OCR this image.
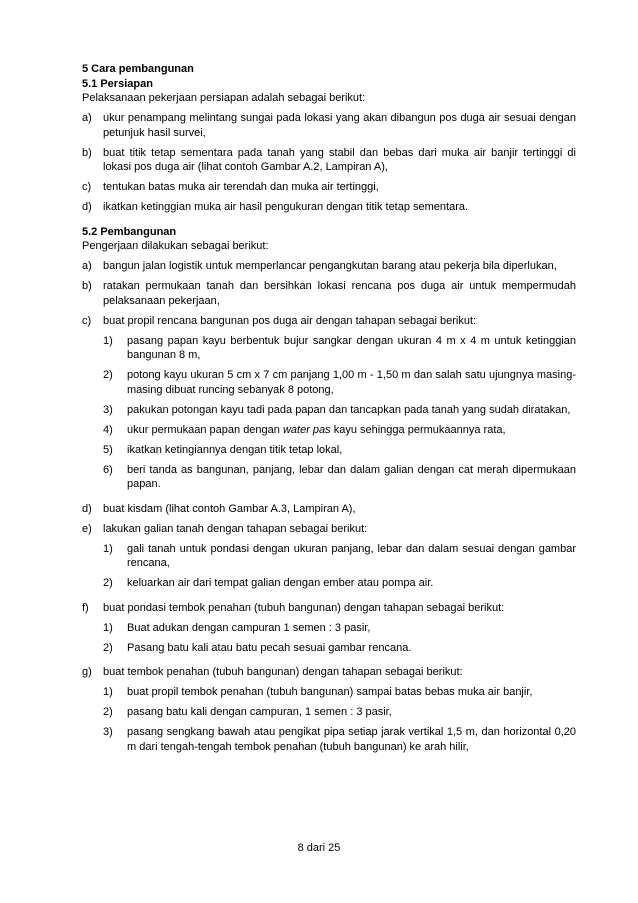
5 Cara pembangunan

5.1 Persiapan

Pelaksanaan pekerjaan persiapan adalah sebagai berikut:

a)	ukur penampang melintang sungai pada lokasi yang akan dibangun pos duga air sesuai dengan petunjuk hasil survei,
b)	buat titik tetap sementara pada tanah yang stabil dan bebas dari muka air banjir tertinggi di lokasi pos duga air (lihat contoh Gambar A.2, Lampiran A),
c)	tentukan batas muka air terendah dan muka air tertinggi,
d)	ikatkan ketinggian muka air hasil pengukuran dengan titik tetap sementara.

5.2 Pembangunan

Pengerjaan dilakukan sebagai berikut:

a)	bangun jalan logistik untuk memperlancar pengangkutan barang atau pekerja bila diperlukan,
b)	ratakan permukaan tanah dan bersihkan lokasi rencana pos duga air untuk mempermudah pelaksanaan pekerjaan,
c)	buat propil rencana bangunan pos duga air dengan tahapan sebagai berikut:
1)	pasang papan kayu berbentuk bujur sangkar dengan ukuran 4 m x 4 m untuk ketinggian bangunan 8 m,
2)	potong kayu ukuran 5 cm x 7 cm panjang 1,00 m - 1,50 m dan salah satu ujungnya masing-masing dibuat runcing sebanyak 8 potong,
3)	pakukan potongan kayu tadi pada papan dan tancapkan pada tanah yang sudah diratakan,
4)	ukur permukaan papan dengan water pas kayu sehingga permukaannya rata,
5)	ikatkan ketingiannya dengan titik tetap lokal,
6)	beri tanda as bangunan, panjang, lebar dan dalam galian dengan cat merah dipermukaan papan.
d)	buat kisdam (lihat contoh Gambar A.3, Lampiran A),
e)	lakukan galian tanah dengan tahapan sebagai berikut:
1)	gali tanah untuk pondasi dengan ukuran panjang, lebar dan dalam sesuai dengan gambar rencana,
2)	keluarkan air dari tempat galian dengan ember atau pompa air.
f)	buat pondasi tembok penahan (tubuh bangunan) dengan tahapan sebagai berikut:
1)	Buat adukan dengan campuran 1 semen : 3 pasir,
2)	Pasang batu kali atau batu pecah sesuai gambar rencana.
g)	buat tembok penahan (tubuh bangunan) dengan tahapan sebagai berikut:
1)	buat propil tembok penahan (tubuh bangunan) sampai batas bebas muka air banjir,
2)	pasang batu kali dengan campuran, 1 semen : 3 pasir,
3)	pasang sengkang bawah atau pengikat pipa setiap jarak vertikal 1,5 m, dan horizontal 0,20 m dari tengah-tengah tembok penahan (tubuh bangunan) ke arah hilir,
8 dari 25
